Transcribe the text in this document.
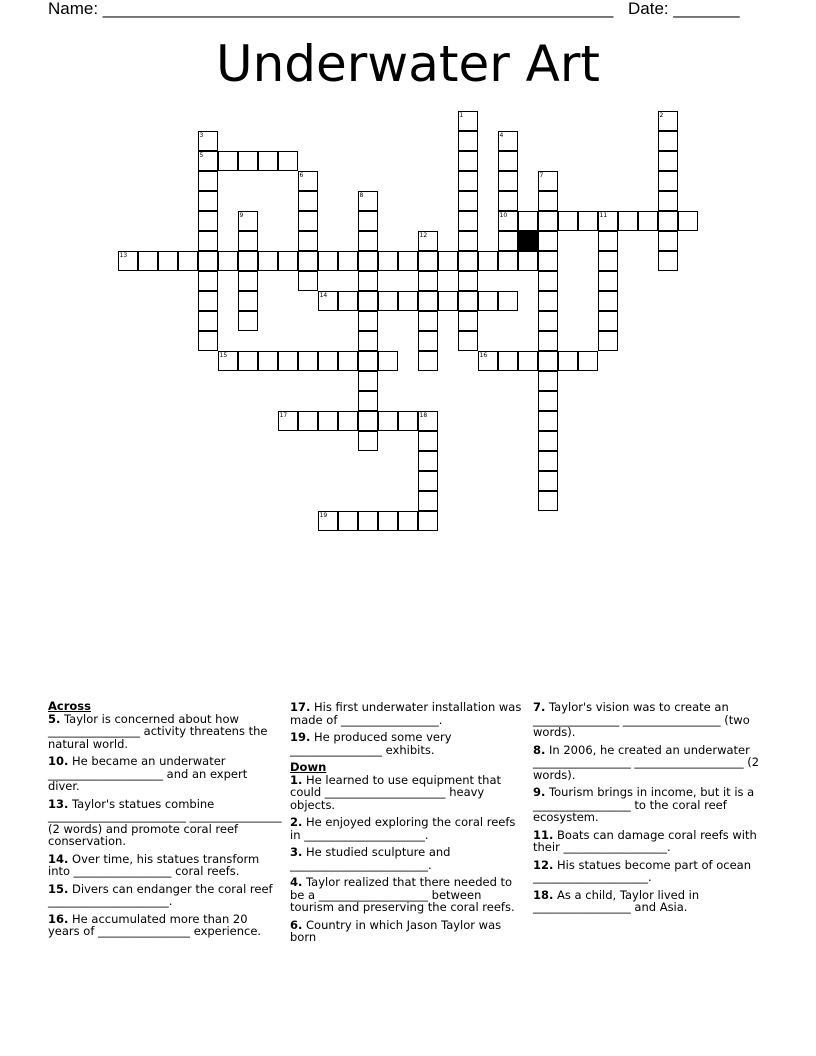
Name: ______________________________________________________ Date: _______
Underwater Art
1	2
3
5
4
10
6	7
8
9	11
12
13
14
15	16
17	18
19
Across
5. Taylor is concerned about how ________________ activity threatens the natural world.
10. He became an underwater ____________________ and an expert diver.
13. Taylor's statues combine ________________________ ________________ (2 words) and promote coral reef conservation.
14. Over time, his statues transform into _________________ coral reefs.
15. Divers can endanger the coral reef _____________________.
16. He accumulated more than 20 years of ________________ experience.
17. His first underwater installation was made of _________________.
19. He produced some very ________________ exhibits.
Down
1. He learned to use equipment that could _____________________ heavy objects.
2. He enjoyed exploring the coral reefs in _____________________.
3. He studied sculpture and ________________________.
4. Taylor realized that there needed to be a ___________________ between tourism and preserving the coral reefs.
6. Country in which Jason Taylor was born
7. Taylor's vision was to create an _______________ _________________ (two words).
8. In 2006, he created an underwater _________________ ___________________ (2 words).
9. Tourism brings in income, but it is a _________________ to the coral reef ecosystem.
11. Boats can damage coral reefs with their __________________.
12. His statues become part of ocean ____________________.
18. As a child, Taylor lived in _________________ and Asia.
